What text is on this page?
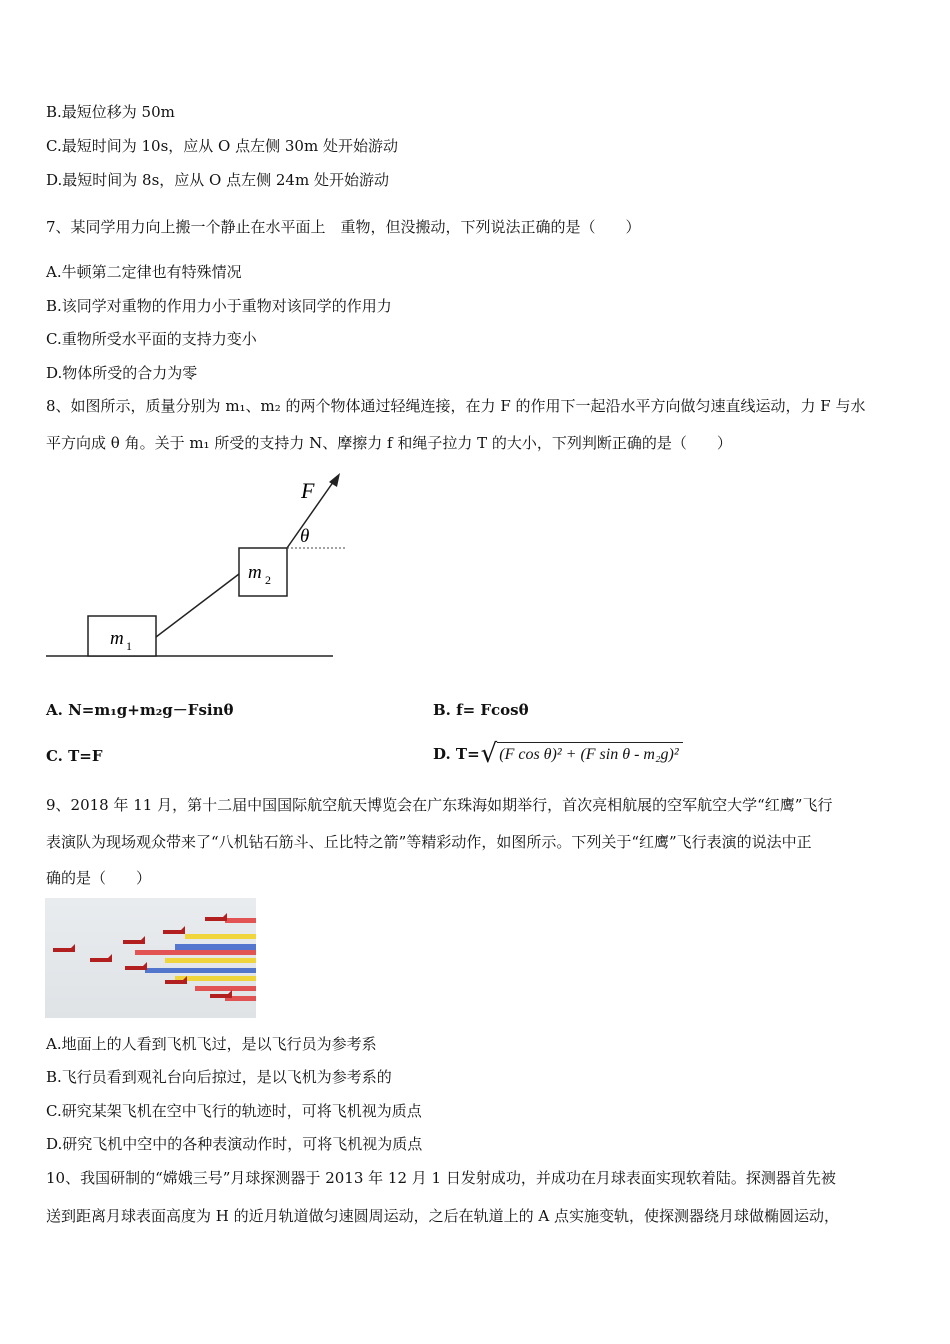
B.最短位移为 50m
C.最短时间为 10s，应从 O 点左侧 30m 处开始游动
D.最短时间为 8s，应从 O 点左侧 24m 处开始游动
7、某同学用力向上搬一个静止在水平面上　重物，但没搬动，下列说法正确的是（　　）
A.牛顿第二定律也有特殊情况
B.该同学对重物的作用力小于重物对该同学的作用力
C.重物所受水平面的支持力变小
D.物体所受的合力为零
8、如图所示，质量分别为 m₁、m₂ 的两个物体通过轻绳连接，在力 F 的作用下一起沿水平方向做匀速直线运动，力 F 与水
平方向成 θ 角。关于 m₁ 所受的支持力 N、摩擦力 f 和绳子拉力 T 的大小，下列判断正确的是（　　）
m 1
m 2
F
θ
A. N=m₁g+m₂g－Fsinθ	B. f= Fcosθ
C. T=F	D. T= √ (F cos θ)² + (F sin θ - m₂g)²
9、2018 年 11 月，第十二届中国国际航空航天博览会在广东珠海如期举行，首次亮相航展的空军航空大学“红鹰”飞行
表演队为现场观众带来了“八机钻石筋斗、丘比特之箭”等精彩动作，如图所示。下列关于“红鹰”飞行表演的说法中正
确的是（　　）
A.地面上的人看到飞机飞过，是以飞行员为参考系
B.飞行员看到观礼台向后掠过，是以飞机为参考系的
C.研究某架飞机在空中飞行的轨迹时，可将飞机视为质点
D.研究飞机中空中的各种表演动作时，可将飞机视为质点
10、我国研制的“嫦娥三号”月球探测器于 2013 年 12 月 1 日发射成功，并成功在月球表面实现软着陆。探测器首先被
送到距离月球表面高度为 H 的近月轨道做匀速圆周运动，之后在轨道上的 A 点实施变轨，使探测器绕月球做椭圆运动，
